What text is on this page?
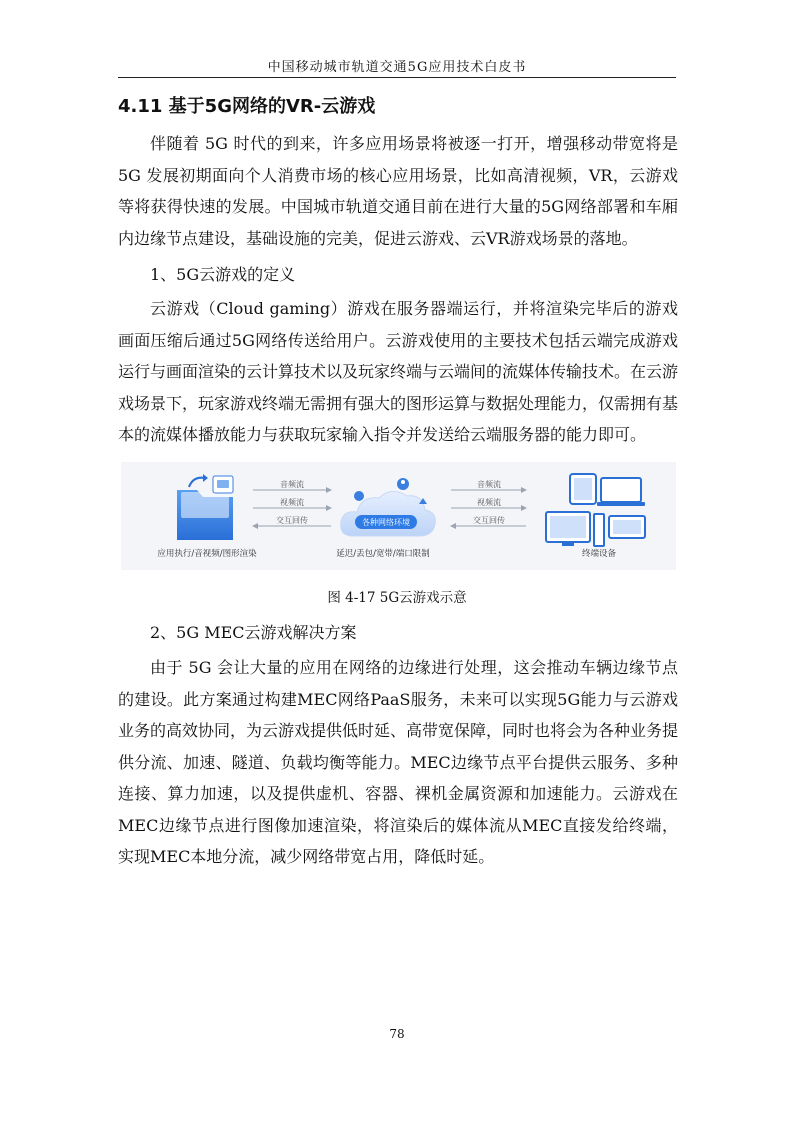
中国移动城市轨道交通5G应用技术白皮书
4.11 基于5G网络的VR-云游戏

伴随着 5G 时代的到来，许多应用场景将被逐一打开，增强移动带宽将是5G 发展初期面向个人消费市场的核心应用场景，比如高清视频，VR，云游戏等将获得快速的发展。中国城市轨道交通目前在进行大量的5G网络部署和车厢内边缘节点建设，基础设施的完美，促进云游戏、云VR游戏场景的落地。

1、5G云游戏的定义

云游戏（Cloud gaming）游戏在服务器端运行，并将渲染完毕后的游戏画面压缩后通过5G网络传送给用户。云游戏使用的主要技术包括云端完成游戏运行与画面渲染的云计算技术以及玩家终端与云端间的流媒体传输技术。在云游戏场景下，玩家游戏终端无需拥有强大的图形运算与数据处理能力，仅需拥有基本的流媒体播放能力与获取玩家输入指令并发送给云端服务器的能力即可。

音频流
视频流
交互回传	各种网络环境
音频流
视频流
交互回传
应用执行/音视频/图形渲染	延迟/丢包/宽带/端口限制	终端设备
图 4-17 5G云游戏示意
2、5G MEC云游戏解决方案

由于 5G 会让大量的应用在网络的边缘进行处理，这会推动车辆边缘节点的建设。此方案通过构建MEC网络PaaS服务，未来可以实现5G能力与云游戏业务的高效协同，为云游戏提供低时延、高带宽保障，同时也将会为各种业务提供分流、加速、隧道、负载均衡等能力。MEC边缘节点平台提供云服务、多种连接、算力加速，以及提供虚机、容器、裸机金属资源和加速能力。云游戏在MEC边缘节点进行图像加速渲染，将渲染后的媒体流从MEC直接发给终端，实现MEC本地分流，减少网络带宽占用，降低时延。

78
